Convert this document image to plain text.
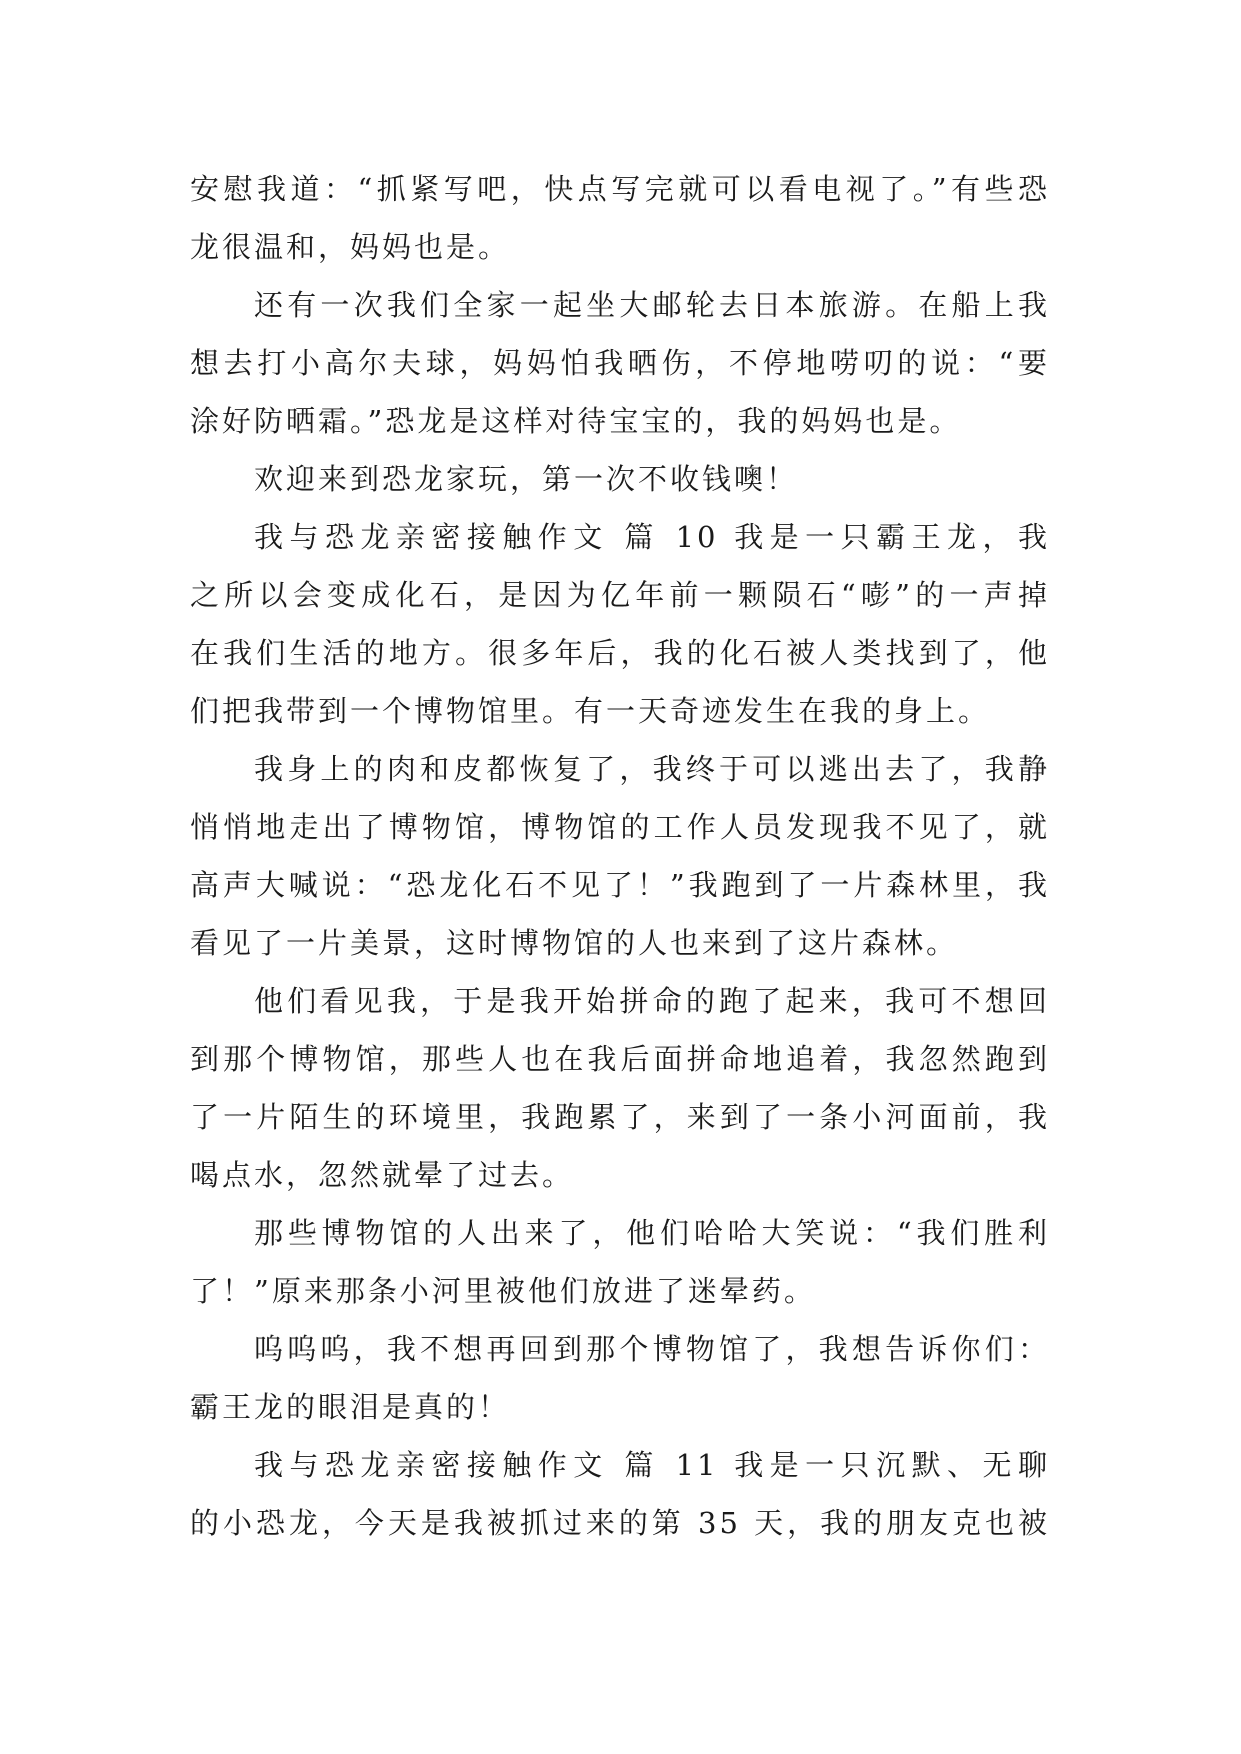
安慰我道：“抓紧写吧，快点写完就可以看电视了。”有些恐
龙很温和，妈妈也是。
还有一次我们全家一起坐大邮轮去日本旅游。在船上我
想去打小高尔夫球，妈妈怕我晒伤，不停地唠叨的说：“要
涂好防晒霜。”恐龙是这样对待宝宝的，我的妈妈也是。
欢迎来到恐龙家玩，第一次不收钱噢！
我与恐龙亲密接触作文 篇 10 我是一只霸王龙，我
之所以会变成化石，是因为亿年前一颗陨石“嘭”的一声掉
在我们生活的地方。很多年后，我的化石被人类找到了，他
们把我带到一个博物馆里。有一天奇迹发生在我的身上。
我身上的肉和皮都恢复了，我终于可以逃出去了，我静
悄悄地走出了博物馆，博物馆的工作人员发现我不见了，就
高声大喊说：“恐龙化石不见了！”我跑到了一片森林里，我
看见了一片美景，这时博物馆的人也来到了这片森林。
他们看见我，于是我开始拼命的跑了起来，我可不想回
到那个博物馆，那些人也在我后面拼命地追着，我忽然跑到
了一片陌生的环境里，我跑累了，来到了一条小河面前，我
喝点水，忽然就晕了过去。
那些博物馆的人出来了，他们哈哈大笑说：“我们胜利
了！”原来那条小河里被他们放进了迷晕药。
呜呜呜，我不想再回到那个博物馆了，我想告诉你们：
霸王龙的眼泪是真的！
我与恐龙亲密接触作文 篇 11 我是一只沉默、无聊
的小恐龙，今天是我被抓过来的第 35 天，我的朋友克也被
